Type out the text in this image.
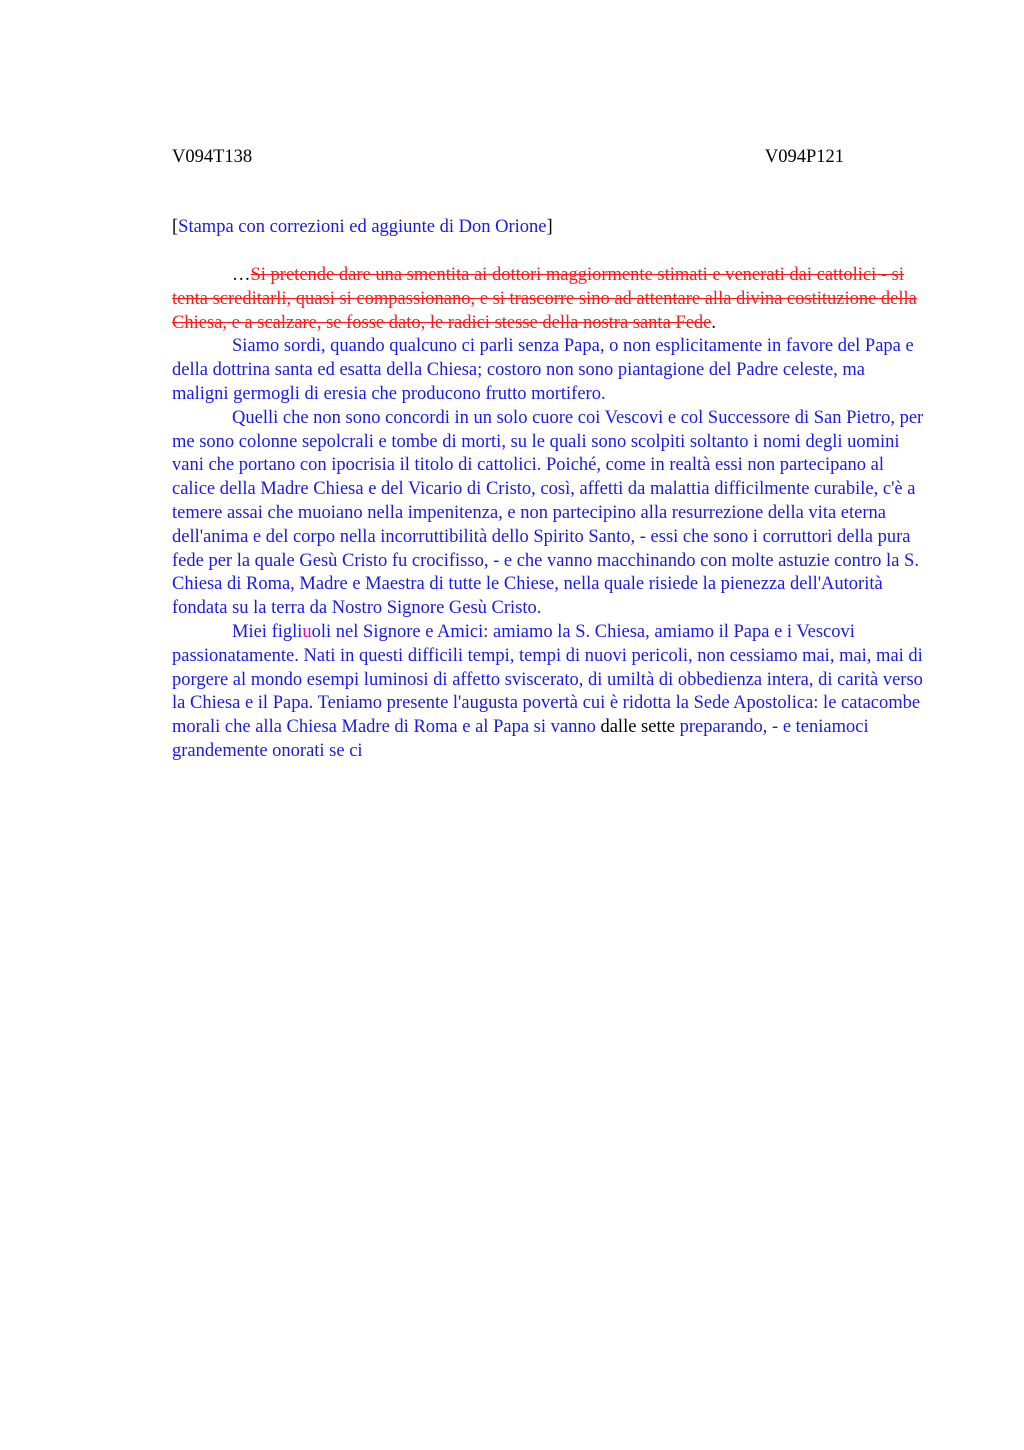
V094T138	V094P121
[Stampa con correzioni ed aggiunte di Don Orione]

…Si pretende dare una smentita ai dottori maggiormente stimati e venerati dai cattolici - si tenta screditarli, quasi si compassionano, e si trascorre sino ad attentare alla divina costituzione della Chiesa, e a scalzare, se fosse dato, le radici stesse della nostra santa Fede.

Siamo sordi, quando qualcuno ci parli senza Papa, o non esplicitamente in favore del Papa e della dottrina santa ed esatta della Chiesa; costoro non sono piantagione del Padre celeste, ma maligni germogli di eresia che producono frutto mortifero.

Quelli che non sono concordi in un solo cuore coi Vescovi e col Successore di San Pietro, per me sono colonne sepolcrali e tombe di morti, su le quali sono scolpiti soltanto i nomi degli uomini vani che portano con ipocrisia il titolo di cattolici. Poiché, come in realtà essi non partecipano al calice della Madre Chiesa e del Vicario di Cristo, così, affetti da malattia difficilmente curabile, c'è a temere assai che muoiano nella impenitenza, e non partecipino alla resurrezione della vita eterna dell'anima e del corpo nella incorruttibilità dello Spirito Santo, - essi che sono i corruttori della pura fede per la quale Gesù Cristo fu crocifisso, - e che vanno macchinando con molte astuzie contro la S. Chiesa di Roma, Madre e Maestra di tutte le Chiese, nella quale risiede la pienezza dell'Autorità fondata su la terra da Nostro Signore Gesù Cristo.

Miei figliuoli nel Signore e Amici: amiamo la S. Chiesa, amiamo il Papa e i Vescovi passionatamente. Nati in questi difficili tempi, tempi di nuovi pericoli, non cessiamo mai, mai, mai di porgere al mondo esempi luminosi di affetto sviscerato, di umiltà di obbedienza intera, di carità verso la Chiesa e il Papa. Teniamo presente l'augusta povertà cui è ridotta la Sede Apostolica: le catacombe morali che alla Chiesa Madre di Roma e al Papa si vanno dalle sette preparando, - e teniamoci grandemente onorati se ci
